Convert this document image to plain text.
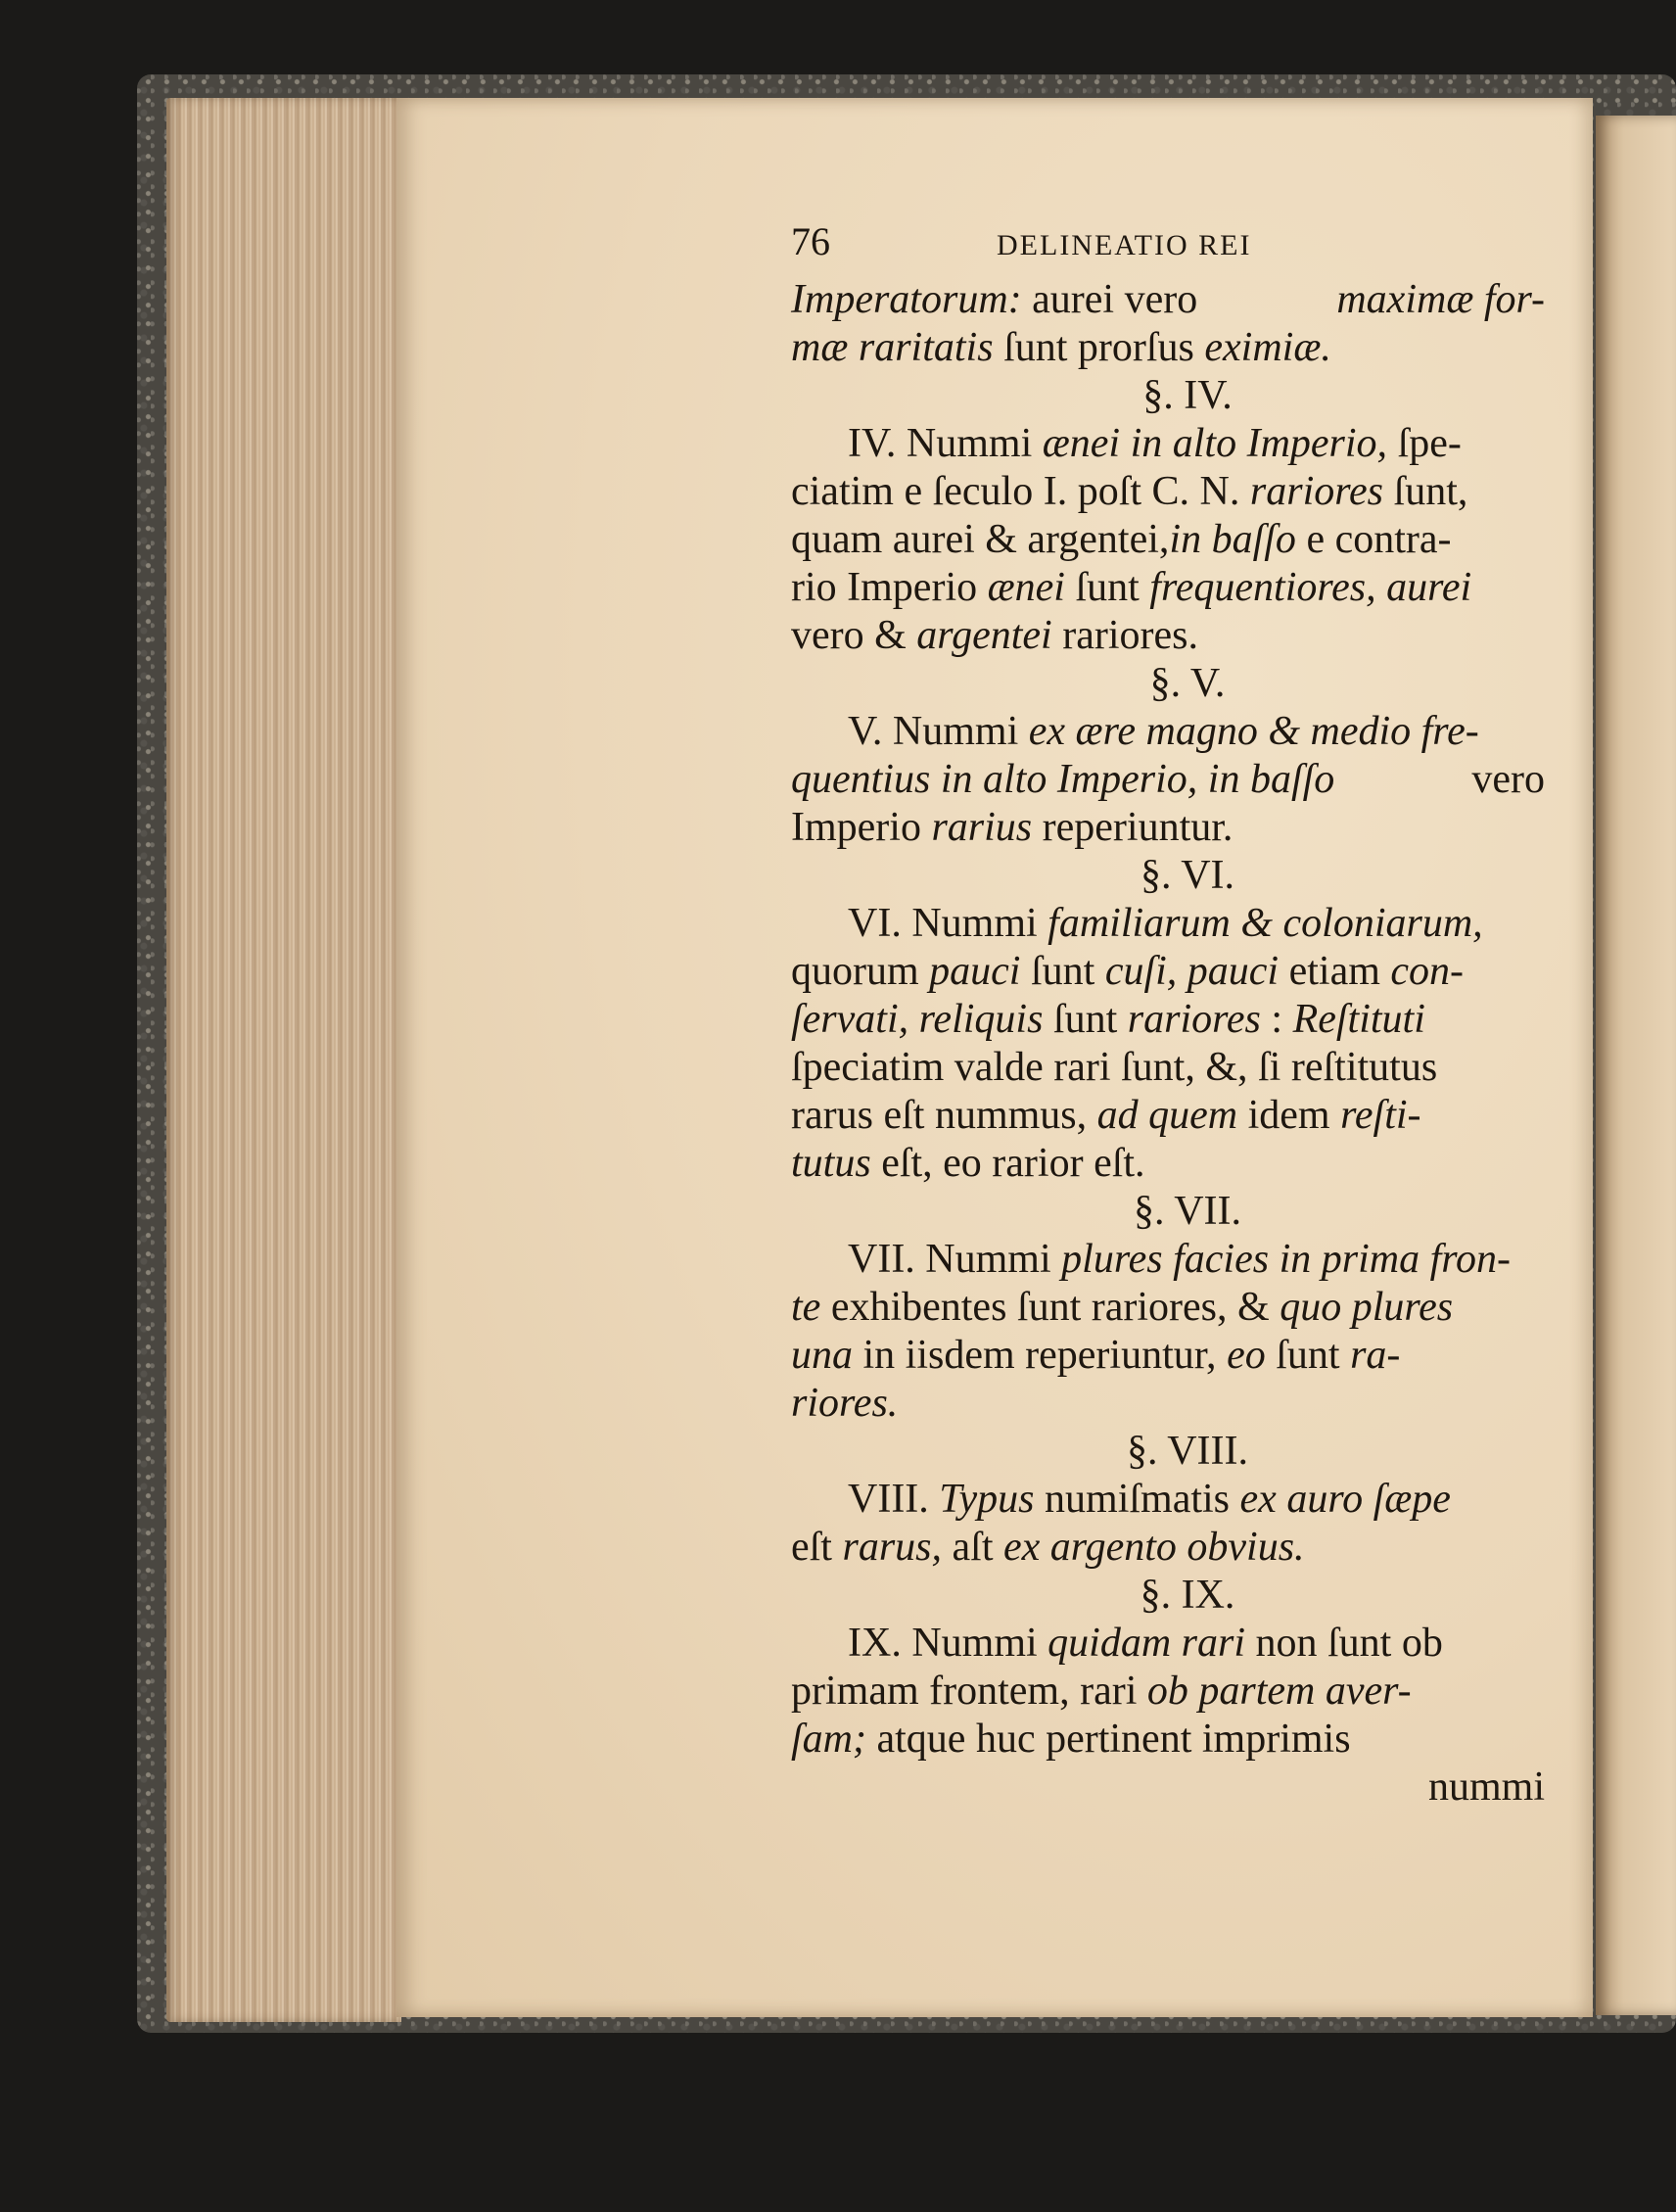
76	DELINEATIO REI
Imperatorum: aurei vero	maximæ for-
mæ raritatis ſunt prorſus eximiæ.
§. IV.
IV. Nummi ænei in alto Imperio, ſpe-
ciatim e ſeculo I. poſt C. N. rariores ſunt,
quam aurei & argentei,in baſſo e contra-
rio Imperio ænei ſunt frequentiores, aurei
vero & argentei rariores.
§. V.
V. Nummi ex ære magno & medio fre-
quentius in alto Imperio, in baſſo	vero
Imperio rarius reperiuntur.
§. VI.
VI. Nummi familiarum & coloniarum,
quorum pauci ſunt cuſi, pauci etiam con-
ſervati, reliquis ſunt rariores : Reſtituti
ſpeciatim valde rari ſunt, &, ſi reſtitutus
rarus eſt nummus, ad quem idem reſti-
tutus eſt, eo rarior eſt.
§. VII.
VII. Nummi plures facies in prima fron-
te exhibentes ſunt rariores, & quo plures
una in iisdem reperiuntur, eo ſunt ra-
riores.
§. VIII.
VIII. Typus numiſmatis ex auro ſæpe
eſt rarus, aſt ex argento obvius.
§. IX.
IX. Nummi quidam rari non ſunt ob
primam frontem, rari ob partem aver-
ſam; atque huc pertinent imprimis
nummi
